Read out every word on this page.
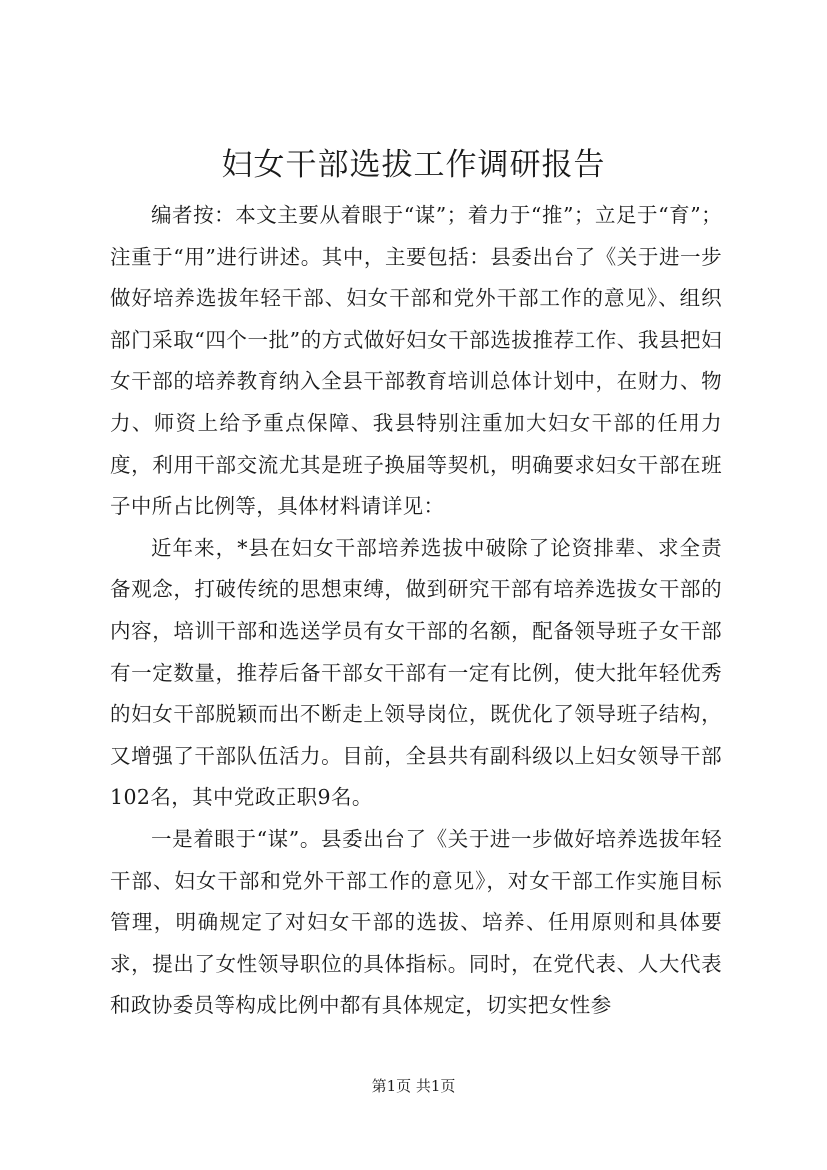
妇女干部选拔工作调研报告

编者按：本文主要从着眼于“谋”；着力于“推”；立足于“育”；注重于“用”进行讲述。其中，主要包括：县委出台了《关于进一步做好培养选拔年轻干部、妇女干部和党外干部工作的意见》、组织部门采取“四个一批”的方式做好妇女干部选拔推荐工作、我县把妇女干部的培养教育纳入全县干部教育培训总体计划中，在财力、物力、师资上给予重点保障、我县特别注重加大妇女干部的任用力度，利用干部交流尤其是班子换届等契机，明确要求妇女干部在班子中所占比例等，具体材料请详见：

近年来，*县在妇女干部培养选拔中破除了论资排辈、求全责备观念，打破传统的思想束缚，做到研究干部有培养选拔女干部的内容，培训干部和选送学员有女干部的名额，配备领导班子女干部有一定数量，推荐后备干部女干部有一定有比例，使大批年轻优秀的妇女干部脱颖而出不断走上领导岗位，既优化了领导班子结构，又增强了干部队伍活力。目前，全县共有副科级以上妇女领导干部102名，其中党政正职9名。

一是着眼于“谋”。县委出台了《关于进一步做好培养选拔年轻干部、妇女干部和党外干部工作的意见》，对女干部工作实施目标管理，明确规定了对妇女干部的选拔、培养、任用原则和具体要求，提出了女性领导职位的具体指标。同时，在党代表、人大代表和政协委员等构成比例中都有具体规定，切实把女性参

第1页 共1页
